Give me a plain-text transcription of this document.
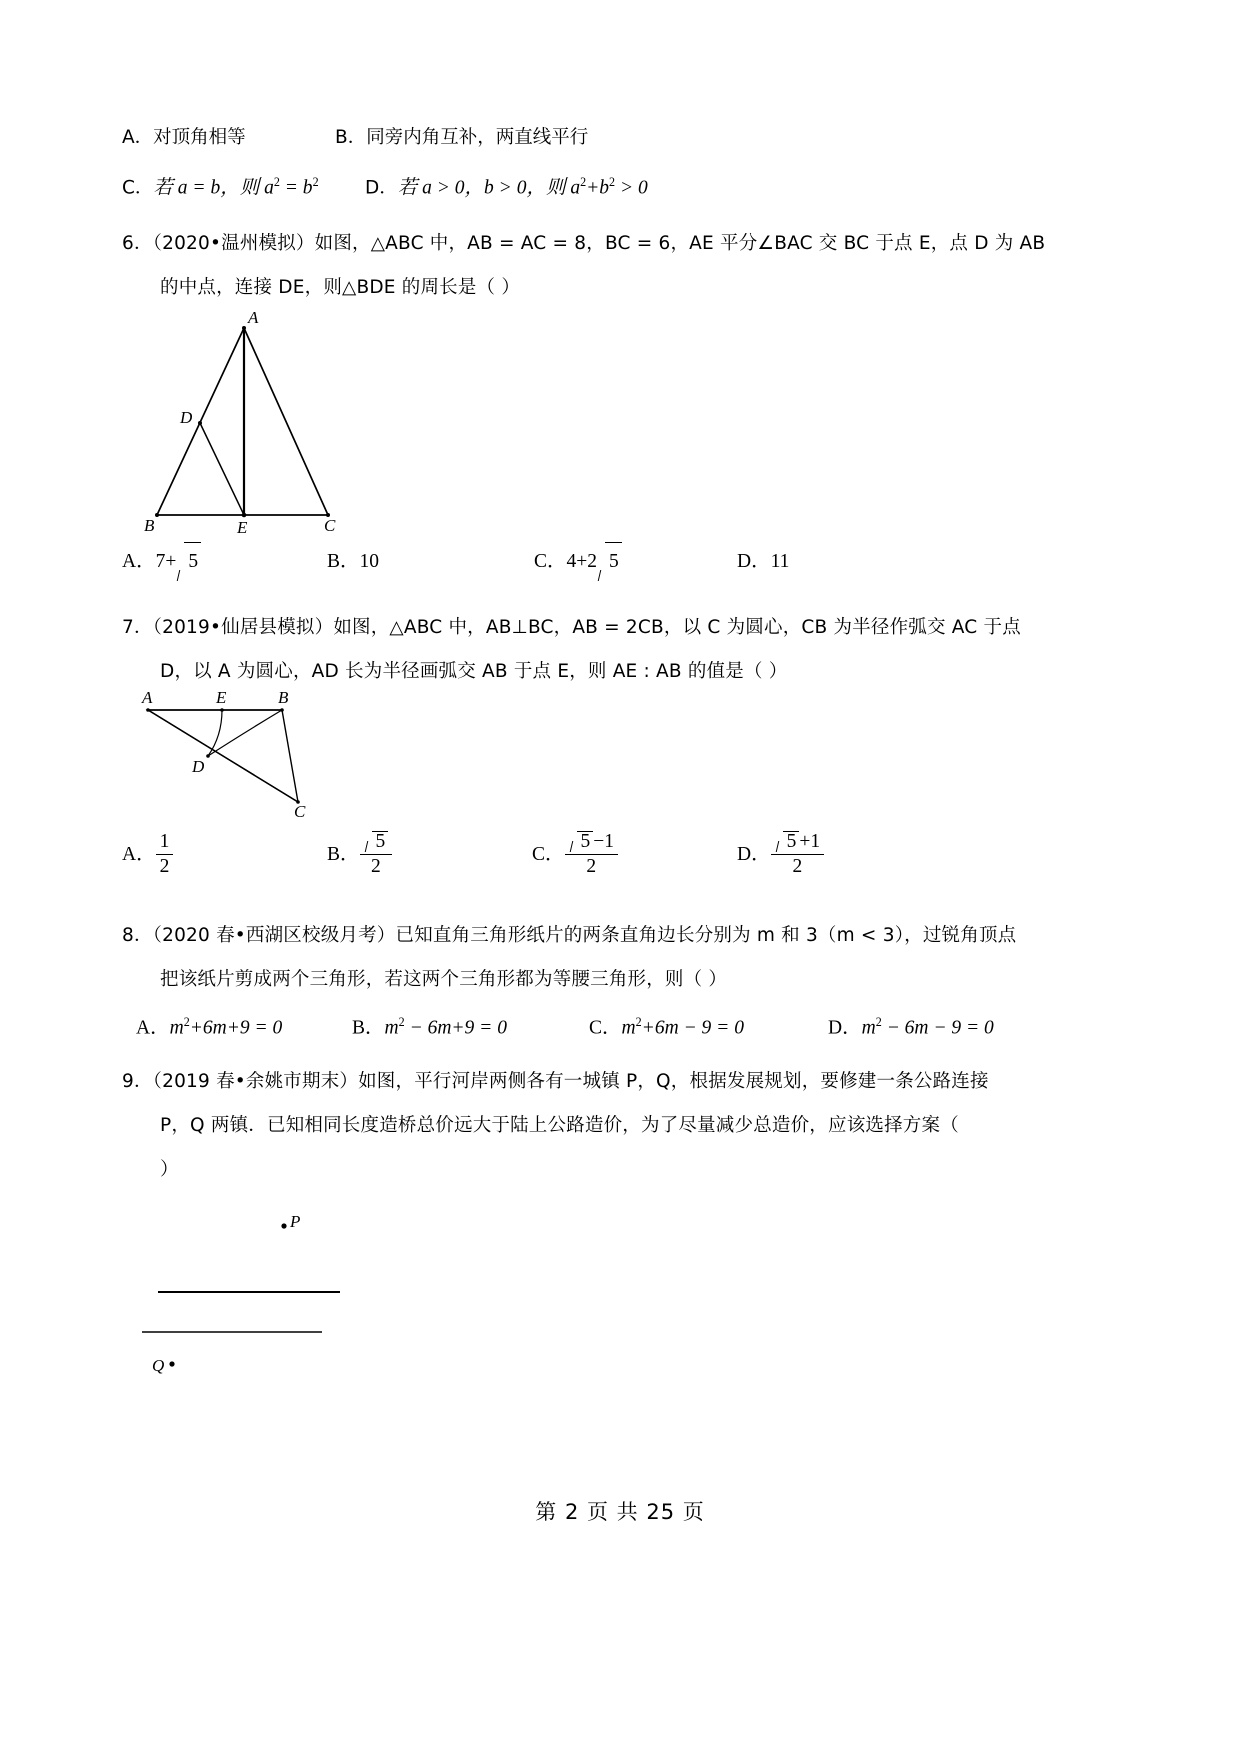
A．对顶角相等	B．同旁内角互补，两直线平行
C．若 a = b，则 $a^2 = b^2$	D．若 a > 0，b > 0，则 $a^2+b^2 > 0$
6．（2020•温州模拟）如图，△ABC 中，AB = AC = 8，BC = 6，AE 平分∠BAC 交 BC 于点 E，点 D 为 AB
的中点，连接 DE，则△BDE 的周长是（ ）
A
D
B	E	C
A．7+ 5	B．10	C．4+2 5	D．11
7．（2019•仙居县模拟）如图，△ABC 中，AB⊥BC，AB = 2CB，以 C 为圆心，CB 为半径作弧交 AC 于点
D，以 A 为圆心，AD 长为半径画弧交 AB 于点 E，则 AE : AB 的值是（ ）
A	E	B
D
C
A． $\frac{1}{2}$	B． $\frac{5}{2}$	C． $\frac{5 -1}{2}$	D． $\frac{5 +1}{2}$
8．（2020 春•西湖区校级月考）已知直角三角形纸片的两条直角边长分别为 m 和 3（m < 3），过锐角顶点
把该纸片剪成两个三角形，若这两个三角形都为等腰三角形，则（ ）
A．$m^2+6m+9 = 0$	B．$m^2 - 6m+9 = 0$	C．$m^2+6m - 9 = 0$	D．$m^2 - 6m - 9 = 0$
9．（2019 春•余姚市期末）如图，平行河岸两侧各有一城镇 P，Q，根据发展规划，要修建一条公路连接
P，Q 两镇．已知相同长度造桥总价远大于陆上公路造价，为了尽量减少总造价，应该选择方案（
）
P
Q
第 2 页 共 25 页
